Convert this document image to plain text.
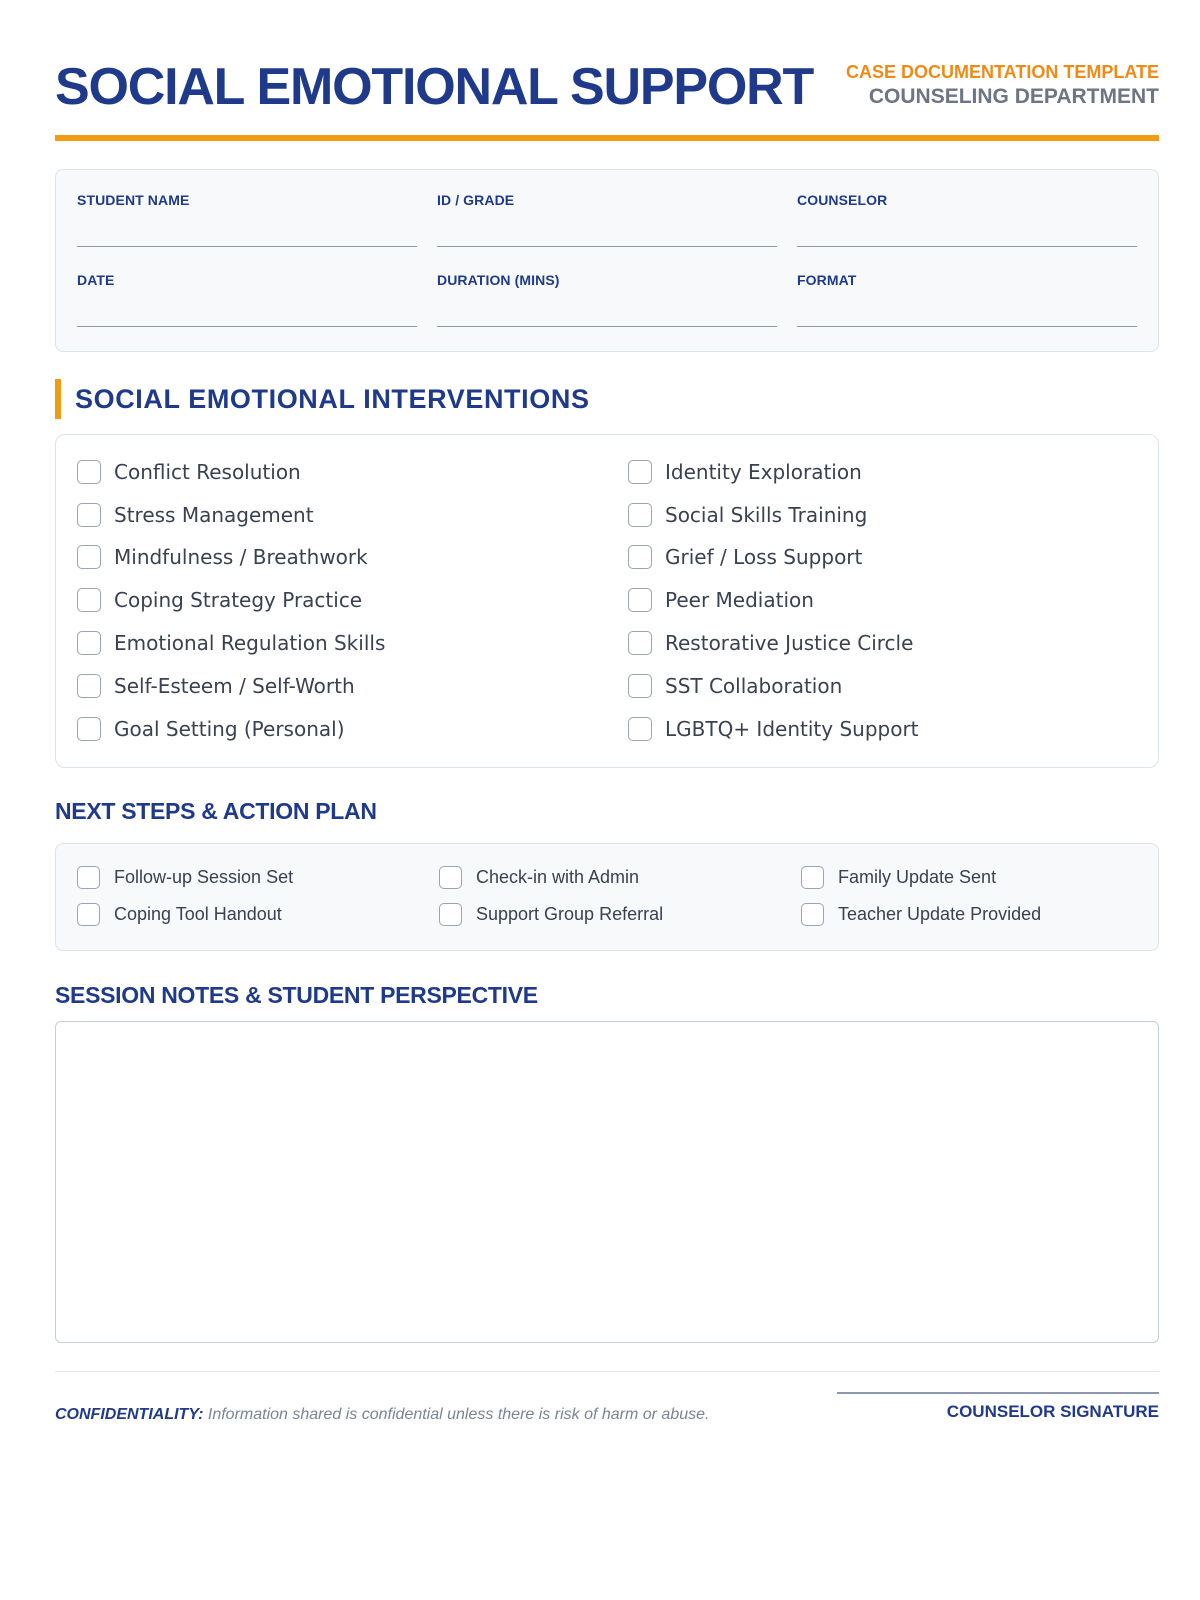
SOCIAL EMOTIONAL SUPPORT CASE DOCUMENTATION TEMPLATE
COUNSELING DEPARTMENT
STUDENT NAME	ID / GRADE	COUNSELOR
DATE	DURATION (MINS)	FORMAT
SOCIAL EMOTIONAL INTERVENTIONS
Conflict Resolution
Stress Management
Mindfulness / Breathwork
Coping Strategy Practice
Emotional Regulation Skills
Self-Esteem / Self-Worth
Goal Setting (Personal)
Identity Exploration
Social Skills Training
Grief / Loss Support
Peer Mediation
Restorative Justice Circle
SST Collaboration
LGBTQ+ Identity Support
NEXT STEPS & ACTION PLAN
Follow-up Session Set	Check-in with Admin	Family Update Sent
Coping Tool Handout	Support Group Referral	Teacher Update Provided
SESSION NOTES & STUDENT PERSPECTIVE
CONFIDENTIALITY: Information shared is confidential unless there is risk of harm or abuse.	COUNSELOR SIGNATURE
